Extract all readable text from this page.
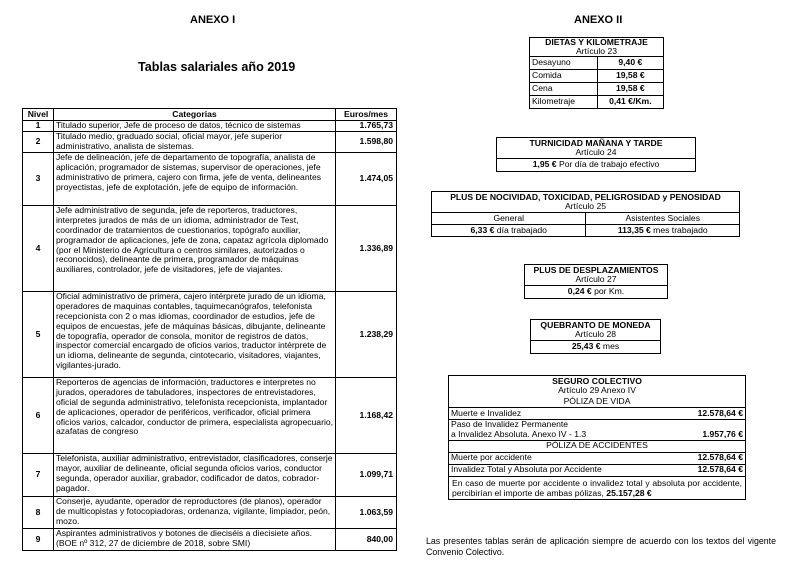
ANEXO I
Tablas salariales año 2019
Nivel	Categorias	Euros/mes
1	Titulado superior, Jefe de proceso de datos, técnico de sistemas	1.765,73
2	Titulado medio, graduado social, oficial mayor, jefe superior administrativo, analista de sistemas.	1.598,80
3	Jefe de delineación, jefe de departamento de topografía, analista de aplicación, programador de sistemas, supervisor de operaciones, jefe administrativo de primera, cajero con firma, jefe de venta, delineantes proyectistas, jefe de explotación, jefe de equipo de información.	1.474,05
4	Jefe administrativo de segunda, jefe de reporteros, traductores, interpretes jurados de más de un idioma, administrador de Test, coordinador de tratamientos de cuestionarios, topógrafo auxiliar, programador de aplicaciones, jefe de zona, capataz agrícola diplomado (por el Ministerio de Agricultura o centros similares, autorizados o reconocidos), delineante de primera, programador de máquinas auxiliares, controlador, jefe de visitadores, jefe de viajantes.	1.336,89
5	Oficial administrativo de primera, cajero intérprete jurado de un idioma, operadores de maquinas contables, taquimecanógrafos, telefonista recepcionista con 2 o mas idiomas, coordinador de estudios, jefe de equipos de encuestas, jefe de máquinas básicas, dibujante, delineante de topografía, operador de consola, monitor de registros de datos, inspector comercial encargado de oficios varios, traductor intérprete de un idioma, delineante de segunda, cintotecario, visitadores, viajantes, vigilantes-jurado.	1.238,29
6	Reporteros de agencias de información, traductores e interpretes no jurados, operadores de tabuladores, inspectores de entrevistadores, oficial de segunda administrativo, telefonista recepcionista, implantador de aplicaciones, operador de periféricos, verificador, oficial primera oficios varios, calcador, conductor de primera, especialista agropecuario, azafatas de congreso	1.168,42
7	Telefonista, auxiliar administrativo, entrevistador, clasificadores, conserje mayor, auxiliar de delineante, oficial segunda oficios varios, conductor segunda, operador auxiliar, grabador, codificador de datos, cobrador-pagador.	1.099,71
8	Conserje, ayudante, operador de reproductores (de planos), operador de multicopistas y fotocopiadoras, ordenanza, vigilante, limpiador, peón, mozo.	1.063,59
9	Aspirantes administrativos y botones de dieciséis a diecisiete años. (BOE nº 312, 27 de diciembre de 2018, sobre SMI)	840,00
ANEXO II
DIETAS Y KILOMETRAJE
Artículo 23	

Desayuno	9,40 €
Comida	19,58 €
Cena	19,58 €
Kilometraje	0,41 €/Km.
TURNICIDAD MAÑANA Y TARDE
Artículo 24

1,95 € Por día de trabajo efectivo
PLUS DE NOCIVIDAD, TOXICIDAD, PELIGROSIDAD y PENOSIDAD
Artículo 25	

General	Asistentes Sociales
6,33 € día trabajado	113,35 € mes trabajado
PLUS DE DESPLAZAMIENTOS
Artículo 27

0,24 € por Km.
QUEBRANTO DE MONEDA
Artículo 28

25,43 € mes
SEGURO COLECTIVO
Artículo 29 Anexo IV	

PÓLIZA DE VIDA	
Muerte e Invalidez	12.578,64 €

Paso de Invalidez Permanente
a Invalidez Absoluta. Anexo IV - 1.3	1.957,76 €
PÓLIZA DE ACCIDENTES	
Muerte por accidente	12.578,64 €
Invalidez Total y Absoluta por Accidente	12.578,64 €
En caso de muerte por accidente o invalidez total y absoluta por accidente, percibirían el importe de ambas pólizas, 25.157,28 €	
Las presentes tablas serán de aplicación siempre de acuerdo con los textos del vigente Convenio Colectivo.
